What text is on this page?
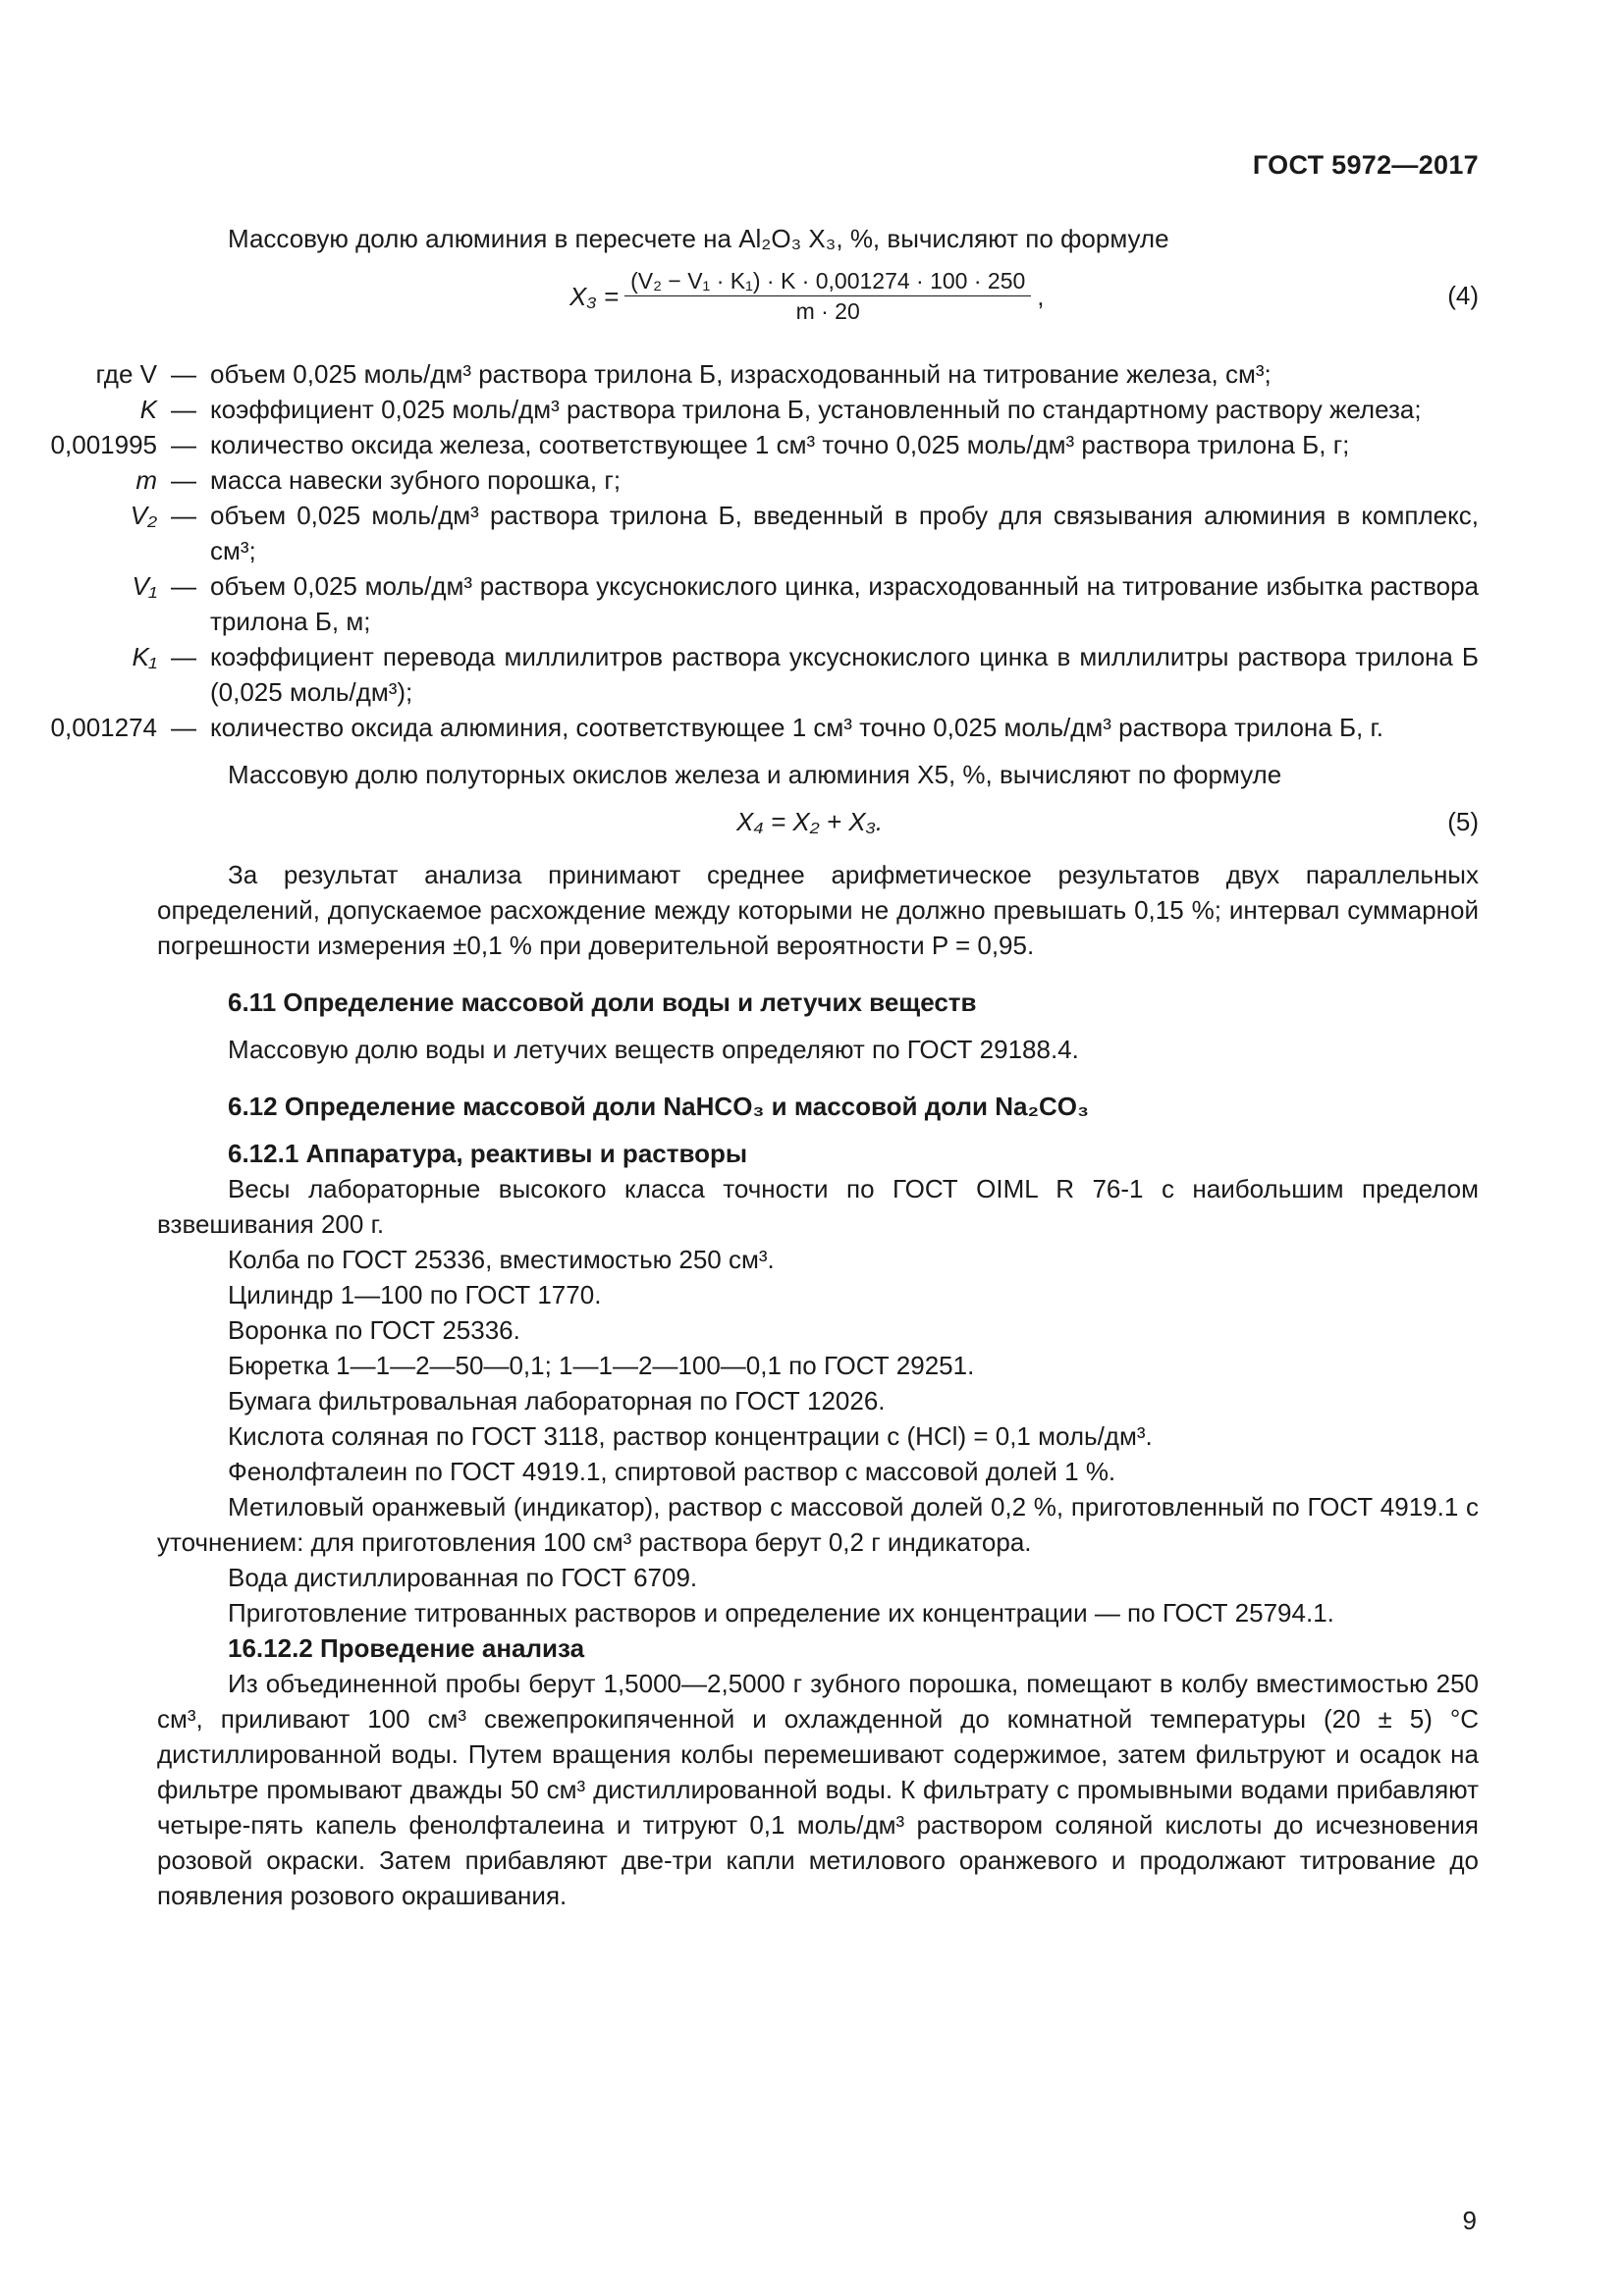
ГОСТ 5972—2017

Массовую долю алюминия в пересчете на Al₂O₃ X₃, %, вычисляют по формуле

$X_3 = \frac{\text{(V₂ − V₁ · K₁) · K · 0,001274 · 100 · 250}}{m \cdot 20}$ ,	(4)
где V — объем 0,025 моль/дм³ раствора трилона Б, израсходованный на титрование железа, см³;
K — коэффициент 0,025 моль/дм³ раствора трилона Б, установленный по стандартному раствору железа;
0,001995 — количество оксида железа, соответствующее 1 см³ точно 0,025 моль/дм³ раствора трилона Б, г;
m — масса навески зубного порошка, г;
V₂ — объем 0,025 моль/дм³ раствора трилона Б, введенный в пробу для связывания алюминия в комплекс, см³;
V₁ — объем 0,025 моль/дм³ раствора уксуснокислого цинка, израсходованный на титрование избытка раствора трилона Б, м;
K₁ — коэффициент перевода миллилитров раствора уксуснокислого цинка в миллилитры раствора трилона Б (0,025 моль/дм³);
0,001274 — количество оксида алюминия, соответствующее 1 см³ точно 0,025 моль/дм³ раствора трилона Б, г.

Массовую долю полуторных окислов железа и алюминия X5, %, вычисляют по формуле

X₄ = X₂ + X₃.	(5)

За результат анализа принимают среднее арифметическое результатов двух параллельных определений, допускаемое расхождение между которыми не должно превышать 0,15 %; интервал суммарной погрешности измерения ±0,1 % при доверительной вероятности P = 0,95.

6.11 Определение массовой доли воды и летучих веществ

Массовую долю воды и летучих веществ определяют по ГОСТ 29188.4.

6.12 Определение массовой доли NaHCO₃ и массовой доли Na₂CO₃
6.12.1 Аппаратура, реактивы и растворы

Весы лабораторные высокого класса точности по ГОСТ OIML R 76-1 с наибольшим пределом взвешивания 200 г.

Колба по ГОСТ 25336, вместимостью 250 см³.

Цилиндр 1—100 по ГОСТ 1770.

Воронка по ГОСТ 25336.

Бюретка 1—1—2—50—0,1; 1—1—2—100—0,1 по ГОСТ 29251.

Бумага фильтровальная лабораторная по ГОСТ 12026.

Кислота соляная по ГОСТ 3118, раствор концентрации c (HCl) = 0,1 моль/дм³.

Фенолфталеин по ГОСТ 4919.1, спиртовой раствор с массовой долей 1 %.

Метиловый оранжевый (индикатор), раствор с массовой долей 0,2 %, приготовленный по ГОСТ 4919.1 с уточнением: для приготовления 100 см³ раствора берут 0,2 г индикатора.

Вода дистиллированная по ГОСТ 6709.

Приготовление титрованных растворов и определение их концентрации — по ГОСТ 25794.1.

16.12.2 Проведение анализа

Из объединенной пробы берут 1,5000—2,5000 г зубного порошка, помещают в колбу вместимостью 250 см³, приливают 100 см³ свежепрокипяченной и охлажденной до комнатной температуры (20 ± 5) °С дистиллированной воды. Путем вращения колбы перемешивают содержимое, затем фильтруют и осадок на фильтре промывают дважды 50 см³ дистиллированной воды. К фильтрату с промывными водами прибавляют четыре-пять капель фенолфталеина и титруют 0,1 моль/дм³ раствором соляной кислоты до исчезновения розовой окраски. Затем прибавляют две-три капли метилового оранжевого и продолжают титрование до появления розового окрашивания.

9
